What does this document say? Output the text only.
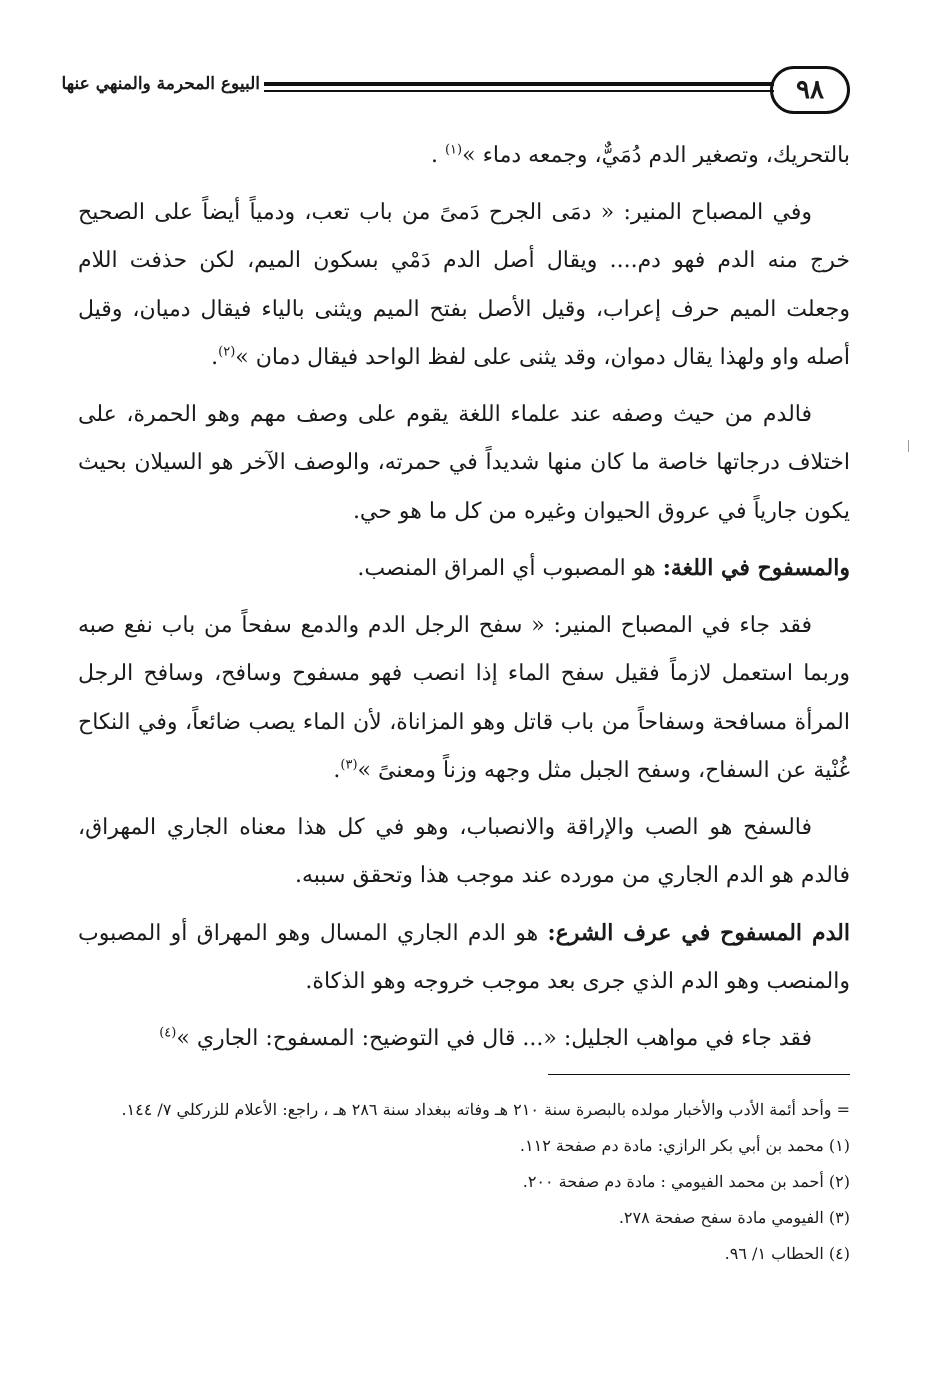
٩٨
البيوع المحرمة والمنهي عنها

بالتحريك، وتصغير الدم دُمَيٌّ، وجمعه دماء »$^{(١)}$ .

وفي المصباح المنير: « دمَى الجرح دَمىً من باب تعب، ودمياً أيضاً على الصحيح خرج منه الدم فهو دم.... ويقال أصل الدم دَمْي بسكون الميم، لكن حذفت اللام وجعلت الميم حرف إعراب، وقيل الأصل بفتح الميم ويثنى بالياء فيقال دميان، وقيل أصله واو ولهذا يقال دموان، وقد يثنى على لفظ الواحد فيقال دمان »$^{(٢)}$.

فالدم من حيث وصفه عند علماء اللغة يقوم على وصف مهم وهو الحمرة، على اختلاف درجاتها خاصة ما كان منها شديداً في حمرته، والوصف الآخر هو السيلان بحيث يكون جارياً في عروق الحيوان وغيره من كل ما هو حي.

والمسفوح في اللغة: هو المصبوب أي المراق المنصب.

فقد جاء في المصباح المنير: « سفح الرجل الدم والدمع سفحاً من باب نفع صبه وربما استعمل لازماً فقيل سفح الماء إذا انصب فهو مسفوح وسافح، وسافح الرجل المرأة مسافحة وسفاحاً من باب قاتل وهو المزاناة، لأن الماء يصب ضائعاً، وفي النكاح غُنْية عن السفاح، وسفح الجبل مثل وجهه وزناً ومعنىً »$^{(٣)}$.

فالسفح هو الصب والإراقة والانصباب، وهو في كل هذا معناه الجاري المهراق، فالدم هو الدم الجاري من مورده عند موجب هذا وتحقق سببه.

الدم المسفوح في عرف الشرع: هو الدم الجاري المسال وهو المهراق أو المصبوب والمنصب وهو الدم الذي جرى بعد موجب خروجه وهو الذكاة.

فقد جاء في مواهب الجليل: «... قال في التوضيح: المسفوح: الجاري »$^{(٤)}$

= وأحد أئمة الأدب والأخبار مولده بالبصرة سنة ٢١٠ هـ وفاته ببغداد سنة ٢٨٦ هـ ، راجع: الأعلام للزركلي ٧/ ١٤٤.

(١) محمد بن أبي بكر الرازي: مادة دم صفحة ١١٢.

(٢) أحمد بن محمد الفيومي : مادة دم صفحة ٢٠٠.

(٣) الفيومي مادة سفح صفحة ٢٧٨.

(٤) الحطاب ١/ ٩٦.
